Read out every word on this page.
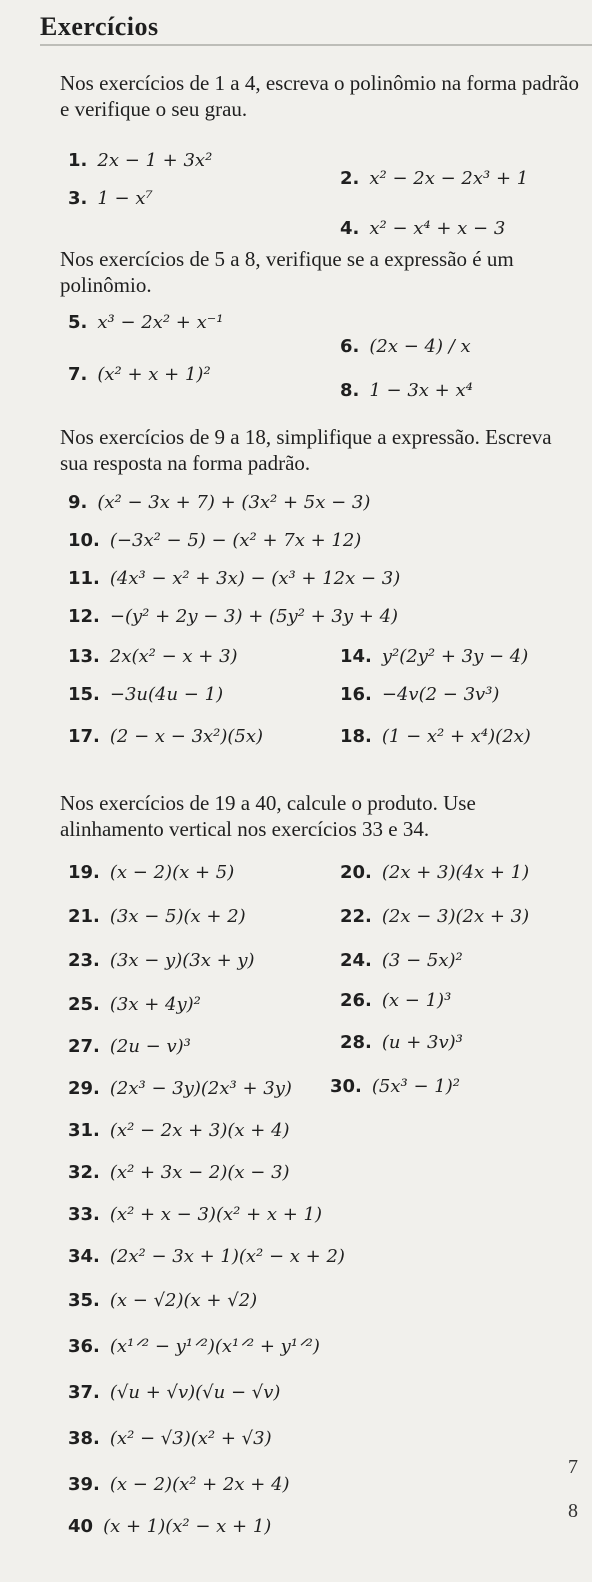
Exercícios
Nos exercícios de 1 a 4, escreva o polinômio na forma padrão e verifique o seu grau.
1. 2x − 1 + 3x²
2. x² − 2x − 2x³ + 1
3. 1 − x⁷
4. x² − x⁴ + x − 3
Nos exercícios de 5 a 8, verifique se a expressão é um polinômio.
5. x³ − 2x² + x⁻¹
6. (2x − 4) / x
7. (x² + x + 1)²
8. 1 − 3x + x⁴
Nos exercícios de 9 a 18, simplifique a expressão. Escreva sua resposta na forma padrão.
9. (x² − 3x + 7) + (3x² + 5x − 3)
10. (−3x² − 5) − (x² + 7x + 12)
11. (4x³ − x² + 3x) − (x³ + 12x − 3)
12. −(y² + 2y − 3) + (5y² + 3y + 4)
13. 2x(x² − x + 3)	14. y²(2y² + 3y − 4)
15. −3u(4u − 1)	16. −4v(2 − 3v³)
17. (2 − x − 3x²)(5x)	18. (1 − x² + x⁴)(2x)
Nos exercícios de 19 a 40, calcule o produto. Use alinhamento vertical nos exercícios 33 e 34.
19. (x − 2)(x + 5)	20. (2x + 3)(4x + 1)
21. (3x − 5)(x + 2)	22. (2x − 3)(2x + 3)
23. (3x − y)(3x + y)	24. (3 − 5x)²
25. (3x + 4y)²	26. (x − 1)³
27. (2u − v)³	28. (u + 3v)³
29. (2x³ − 3y)(2x³ + 3y) 30. (5x³ − 1)²
31. (x² − 2x + 3)(x + 4)
32. (x² + 3x − 2)(x − 3)
33. (x² + x − 3)(x² + x + 1)
34. (2x² − 3x + 1)(x² − x + 2)
35. (x − √2)(x + √2)
36. (x¹ᐟ² − y¹ᐟ²)(x¹ᐟ² + y¹ᐟ²)
37. (√u + √v)(√u − √v)
38. (x² − √3)(x² + √3)
39. (x − 2)(x² + 2x + 4)
40 (x + 1)(x² − x + 1)
7
8
